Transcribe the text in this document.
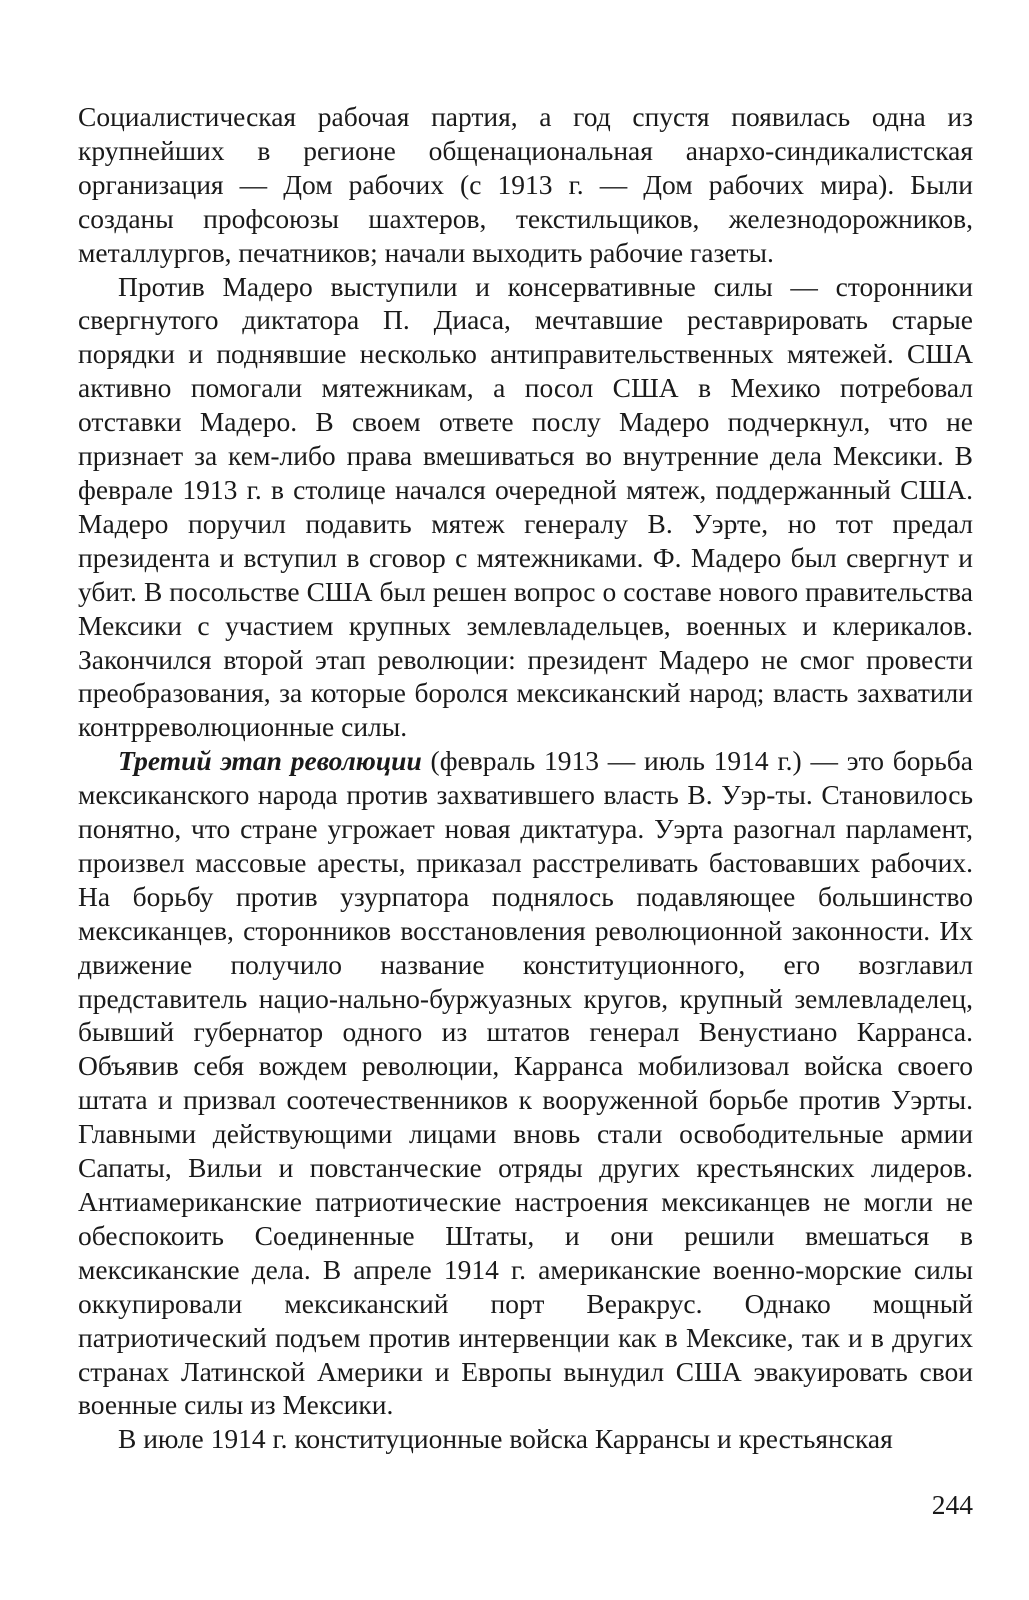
Социалистическая рабочая партия, а год спустя появилась одна из крупнейших в регионе общенациональная анархо-синдикалистская организация — Дом рабочих (с 1913 г. — Дом рабочих мира). Были созданы профсоюзы шахтеров, текстильщиков, железнодорожников, металлургов, печатников; начали выходить рабочие газеты.

Против Мадеро выступили и консервативные силы — сторонники свергнутого диктатора П. Диаса, мечтавшие реставрировать старые порядки и поднявшие несколько антиправительственных мятежей. США активно помогали мятежникам, а посол США в Мехико потребовал отставки Мадеро. В своем ответе послу Мадеро подчеркнул, что не признает за кем-либо права вмешиваться во внутренние дела Мексики. В феврале 1913 г. в столице начался очередной мятеж, поддержанный США. Мадеро поручил подавить мятеж генералу В. Уэрте, но тот предал президента и вступил в сговор с мятежниками. Ф. Мадеро был свергнут и убит. В посольстве США был решен вопрос о составе нового правительства Мексики с участием крупных землевладельцев, военных и клерикалов. Закончился второй этап революции: президент Мадеро не смог провести преобразования, за которые боролся мексиканский народ; власть захватили контрреволюционные силы.

Третий этап революции (февраль 1913 — июль 1914 г.) — это борьба мексиканского народа против захватившего власть В. Уэр-ты. Становилось понятно, что стране угрожает новая диктатура. Уэрта разогнал парламент, произвел массовые аресты, приказал расстреливать бастовавших рабочих. На борьбу против узурпатора поднялось подавляющее большинство мексиканцев, сторонников восстановления революционной законности. Их движение получило название конституционного, его возглавил представитель нацио-нально-буржуазных кругов, крупный землевладелец, бывший губернатор одного из штатов генерал Венустиано Карранса. Объявив себя вождем революции, Карранса мобилизовал войска своего штата и призвал соотечественников к вооруженной борьбе против Уэрты. Главными действующими лицами вновь стали освободительные армии Сапаты, Вильи и повстанческие отряды других крестьянских лидеров. Антиамериканские патриотические настроения мексиканцев не могли не обеспокоить Соединенные Штаты, и они решили вмешаться в мексиканские дела. В апреле 1914 г. американские военно-морские силы оккупировали мексиканский порт Веракрус. Однако мощный патриотический подъем против интервенции как в Мексике, так и в других странах Латинской Америки и Европы вынудил США эвакуировать свои военные силы из Мексики.

В июле 1914 г. конституционные войска Каррансы и крестьянская

244
